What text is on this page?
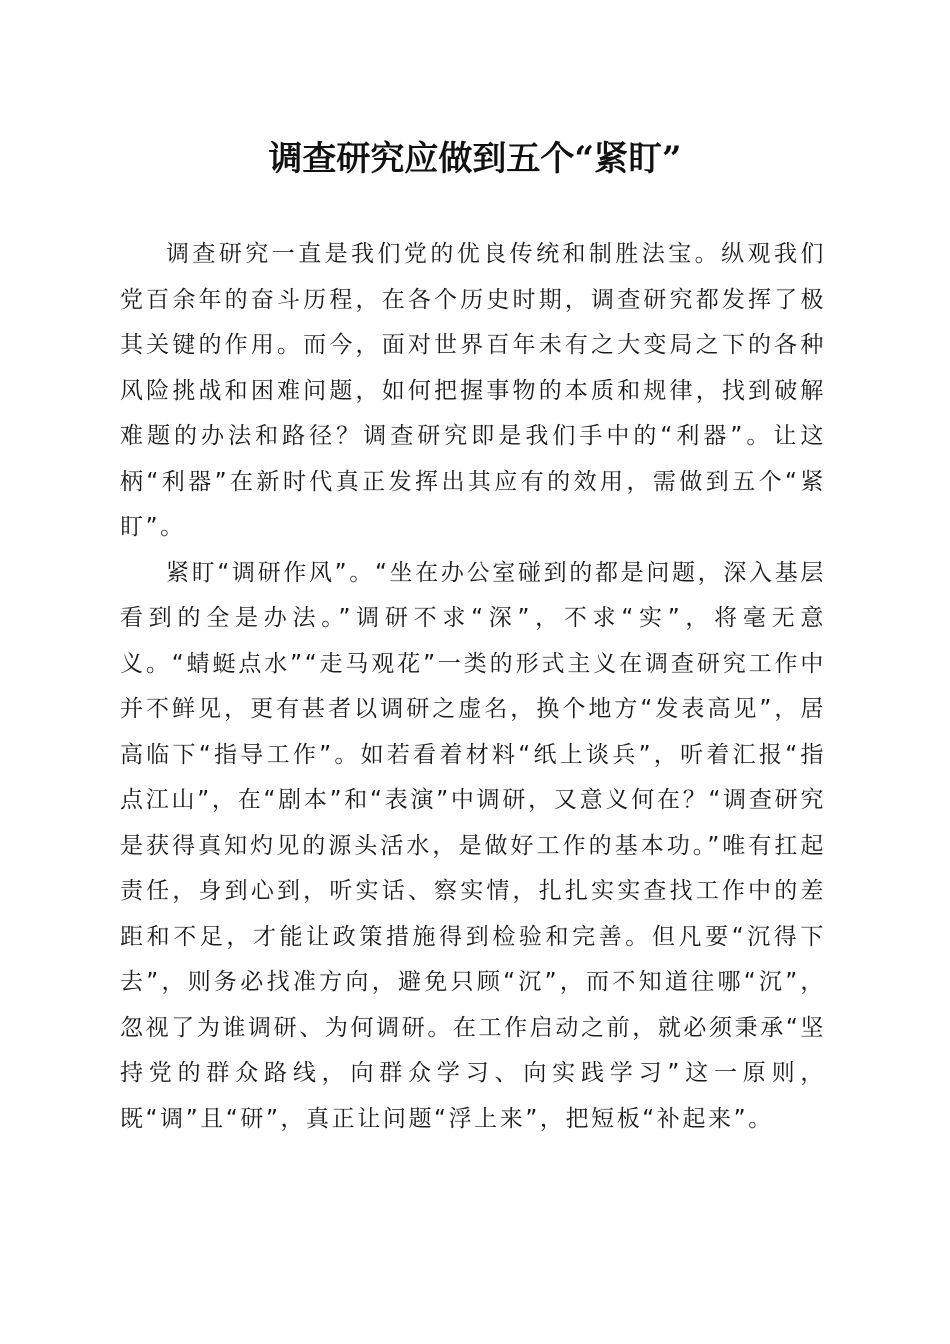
调查研究应做到五个“紧盯”

调查研究一直是我们党的优良传统和制胜法宝。纵观我们党百余年的奋斗历程，在各个历史时期，调查研究都发挥了极其关键的作用。而今，面对世界百年未有之大变局之下的各种风险挑战和困难问题，如何把握事物的本质和规律，找到破解难题的办法和路径？调查研究即是我们手中的“利器”。让这柄“利器”在新时代真正发挥出其应有的效用，需做到五个“紧盯”。

紧盯“调研作风”。“坐在办公室碰到的都是问题，深入基层看到的全是办法。”调研不求“深”，不求“实”，将毫无意义。“蜻蜓点水”“走马观花”一类的形式主义在调查研究工作中并不鲜见，更有甚者以调研之虚名，换个地方“发表高见”，居高临下“指导工作”。如若看着材料“纸上谈兵”，听着汇报“指点江山”，在“剧本”和“表演”中调研，又意义何在？“调查研究是获得真知灼见的源头活水，是做好工作的基本功。”唯有扛起责任，身到心到，听实话、察实情，扎扎实实查找工作中的差距和不足，才能让政策措施得到检验和完善。但凡要“沉得下去”，则务必找准方向，避免只顾“沉”，而不知道往哪“沉”，忽视了为谁调研、为何调研。在工作启动之前，就必须秉承“坚持党的群众路线，向群众学习、向实践学习”这一原则，既“调”且“研”，真正让问题“浮上来”，把短板“补起来”。
